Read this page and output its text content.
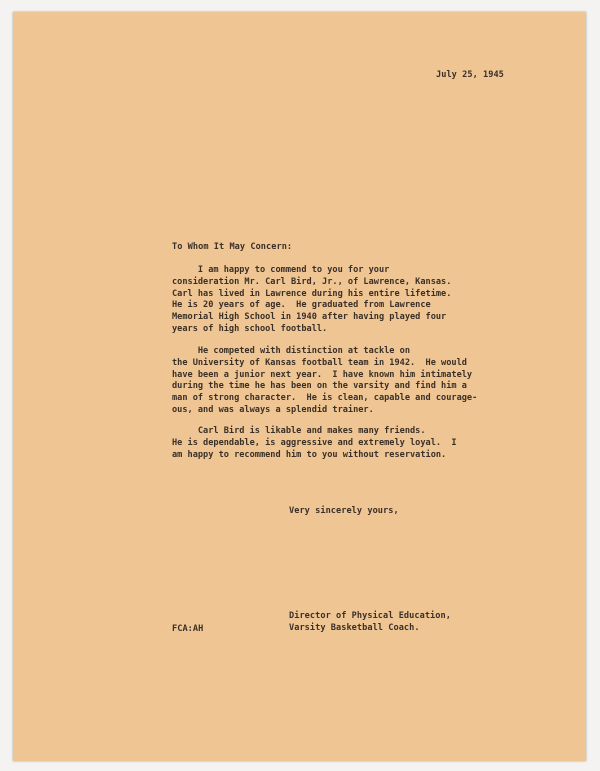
July 25, 1945
To Whom It May Concern:
I am happy to commend to you for your
consideration Mr. Carl Bird, Jr., of Lawrence, Kansas.
Carl has lived in Lawrence during his entire lifetime.
He is 20 years of age.  He graduated from Lawrence
Memorial High School in 1940 after having played four
years of high school football.
He competed with distinction at tackle on
the University of Kansas football team in 1942.  He would
have been a junior next year.  I have known him intimately
during the time he has been on the varsity and find him a
man of strong character.  He is clean, capable and courage-
ous, and was always a splendid trainer.
Carl Bird is likable and makes many friends.
He is dependable, is aggressive and extremely loyal.  I
am happy to recommend him to you without reservation.
Very sincerely yours,
FCA:AH
Director of Physical Education,
Varsity Basketball Coach.
